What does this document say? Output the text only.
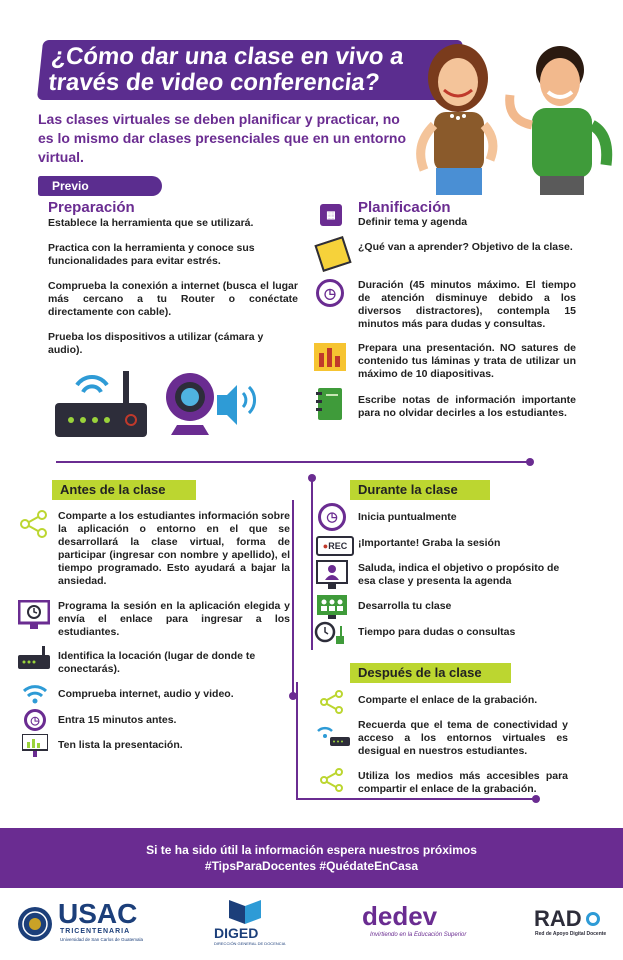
¿Cómo dar una clase en vivo a través de video conferencia?
Las clases virtuales se deben planificar y practicar, no es lo mismo dar clases presenciales que en un entorno virtual.
Previo
Preparación
Establece la herramienta que se utilizará.
Practica con la herramienta y conoce sus funcionalidades para evitar estrés.
Comprueba la conexión a internet (busca el lugar más cercano a tu Router o conéctate directamente con cable).
Prueba los dispositivos a utilizar (cámara y audio).
▦	Planificación
Definir tema y agenda
¿Qué van a aprender? Objetivo de la clase.
◷	Duración (45 minutos máximo. El tiempo de atención disminuye debido a los diversos distractores), contempla 15 minutos más para dudas y consultas.
Prepara una presentación. NO satures de contenido tus láminas y trata de utilizar un máximo de 10 diapositivas.
Escribe notas de información importante para no olvidar decirles a los estudiantes.
Antes de la clase
Comparte a los estudiantes información sobre la aplicación o entorno en el que se desarrollará la clase virtual, forma de participar (ingresar con nombre y apellido), el tiempo programado. Esto ayudará a bajar la ansiedad.
Programa la sesión en la aplicación elegida y envía el enlace para ingresar a los estudiantes.
Identifica la locación (lugar de donde te conectarás).
Comprueba internet, audio y video.
◷	Entra 15 minutos antes.
Ten lista la presentación.
Durante la clase
◷	Inicia puntualmente
●REC	¡Importante! Graba la sesión
Saluda, indica el objetivo o propósito de esa clase y presenta la agenda
Desarrolla tu clase
Tiempo para dudas o consultas
Después de la clase
Comparte el enlace de la grabación.
Recuerda que el tema de conectividad y acceso a los entornos virtuales es desigual en nuestros estudiantes.
Utiliza los medios más accesibles para compartir el enlace de la grabación.
Si te ha sido útil la información espera nuestros próximos
#TipsParaDocentes #QuédateEnCasa
USAC
TRICENTENARIA
Universidad de San Carlos de Guatemala	DIGED
DIRECCIÓN GENERAL DE DOCENCIA
dedev
Invirtiendo en la Educación Superior
RAD
Red de Apoyo Digital Docente
